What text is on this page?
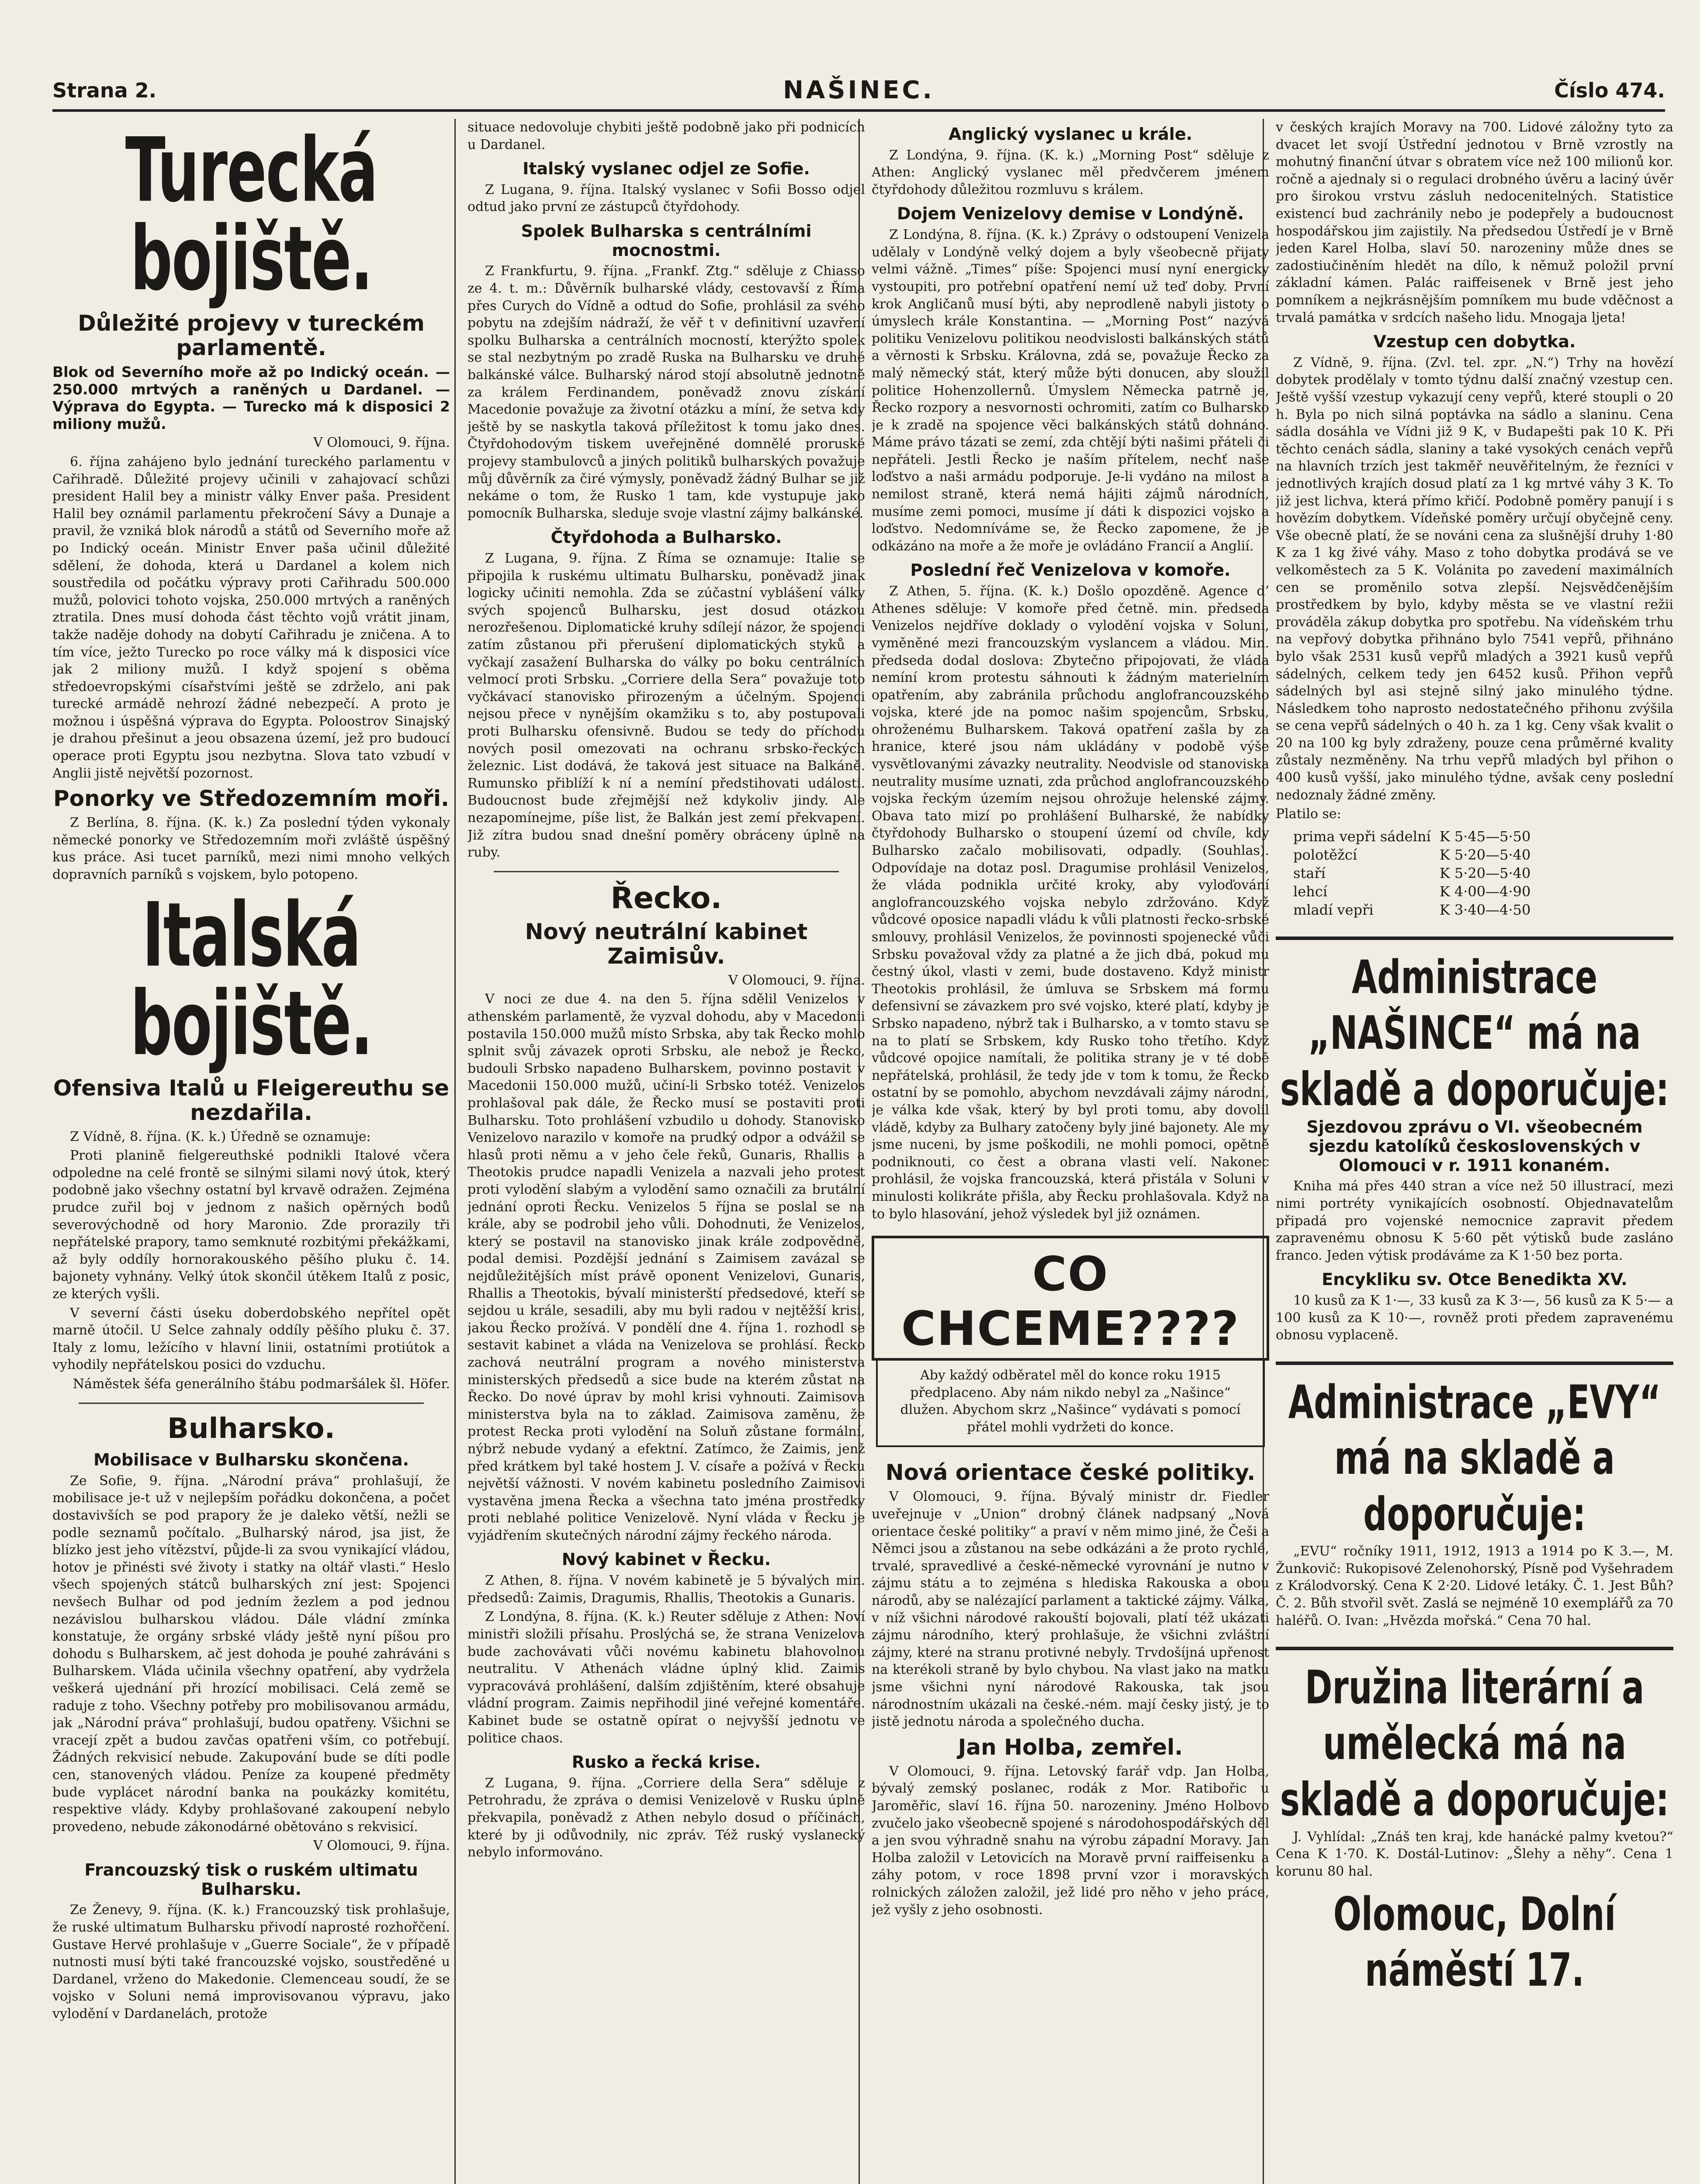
Strana 2.	NAŠINEC.	Číslo 474.
Turecká bojiště.
Důležité projevy v tureckém parlamentě.
Blok od Severního moře až po Indický oceán. — 250.000 mrtvých a raněných u Dardanel. — Výprava do Egypta. — Turecko má k disposici 2 miliony mužů.

V Olomouci, 9. října.

6. října zahájeno bylo jednání tureckého parlamentu v Cařihradě. Důležité projevy učinili v zahajovací schůzi president Halil bey a ministr války Enver paša. President Halil bey oznámil parlamentu překročení Sávy a Dunaje a pravil, že vzniká blok národů a států od Severního moře až po Indický oceán. Ministr Enver paša učinil důležité sdělení, že dohoda, která u Dardanel a kolem nich soustředila od počátku výpravy proti Cařihradu 500.000 mužů, polovici tohoto vojska, 250.000 mrtvých a raněných ztratila. Dnes musí dohoda část těchto vojů vrátit jinam, takže naděje dohody na dobytí Cařihradu je zničena. A to tím více, ježto Turecko po roce války má k disposici více jak 2 miliony mužů. I když spojení s oběma středoevropskými císařstvími ještě se zdrželo, ani pak turecké armádě nehrozí žádné nebezpečí. A proto je možnou i úspěšná výprava do Egypta. Poloostrov Sinajský je drahou přešinut a jeou obsazena území, jež pro budoucí operace proti Egyptu jsou nezbytna. Slova tato vzbudí v Anglii jistě největší pozornost.

Ponorky ve Středozemním moři.

Z Berlína, 8. října. (K. k.) Za poslední týden vykonaly německé ponorky ve Středozemním moři zvláště úspěšný kus práce. Asi tucet parníků, mezi nimi mnoho velkých dopravních parníků s vojskem, bylo potopeno.

Italská bojiště.
Ofensiva Italů u Fleigereuthu se nezdařila.

Z Vídně, 8. října. (K. k.) Úředně se oznamuje:

Proti planině fielgereuthské podnikli Italové včera odpoledne na celé frontě se silnými silami nový útok, který podobně jako všechny ostatní byl krvavě odražen. Zejména prudce zuřil boj v jednom z našich opěrných bodů severovýchodně od hory Maronio. Zde prorazily tři nepřátelské prapory, tamo semknuté rozbitými překážkami, až byly oddíly hornorakouského pěšího pluku č. 14. bajonety vyhnány. Velký útok skončil útěkem Italů z posic, ze kterých vyšli.

V severní části úseku doberdobského nepřítel opět marně útočil. U Selce zahnaly oddíly pěšího pluku č. 37. Italy z lomu, ležícího v hlavní linii, ostatními protiútok a vyhodily nepřátelskou posici do vzduchu.

Náměstek šéfa generálního štábu podmaršálek šl. Höfer.

Bulharsko.
Mobilisace v Bulharsku skončena.

Ze Sofie, 9. října. „Národní práva“ prohlašují, že mobilisace je-t už v nejlepším pořádku dokončena, a počet dostavivších se pod prapory že je daleko větší, nežli se podle seznamů počítalo. „Bulharský národ, jsa jist, že blízko jest jeho vítězství, půjde-li za svou vynikající vládou, hotov je přinésti své životy i statky na oltář vlasti.“ Heslo všech spojených státců bulharských zní jest: Spojenci nevšech Bulhar od pod jedním žezlem a pod jednou nezávislou bulharskou vládou. Dále vládní zmínka konstatuje, že orgány srbské vlády ještě nyní píšou pro dohodu s Bulharskem, ač jest dohoda je pouhé zahráváni s Bulharskem. Vláda učinila všechny opatření, aby vydržela veškerá ujednání při hrozící mobilisaci. Celá země se raduje z toho. Všechny potřeby pro mobilisovanou armádu, jak „Národní práva“ prohlašují, budou opatřeny. Všichni se vracejí zpět a budou zavčas opatřeni vším, co potřebují. Žádných rekvisicí nebude. Zakupování bude se díti podle cen, stanovených vládou. Peníze za koupené předměty bude vyplácet národní banka na poukázky komitétu, respektive vlády. Kdyby prohlašované zakoupení nebylo provedeno, nebude zákonodárné obětováno s rekvisicí.

V Olomouci, 9. října.

Francouzský tisk o ruském ultimatu Bulharsku.

Ze Ženevy, 9. října. (K. k.) Francouzský tisk prohlašuje, že ruské ultimatum Bulharsku přivodí naprosté rozhořčení. Gustave Hervé prohlašuje v „Guerre Sociale“, že v případě nutnosti musí býti také francouzské vojsko, soustředěné u Dardanel, vrženo do Makedonie. Clemenceau soudí, že se vojsko v Soluni nemá improvisovanou výpravu, jako vylodění v Dardanelách, protože

situace nedovoluje chybiti ještě podobně jako při podnicích u Dardanel.

Italský vyslanec odjel ze Sofie.

Z Lugana, 9. října. Italský vyslanec v Sofii Bosso odjel odtud jako první ze zástupců čtyřdohody.

Spolek Bulharska s centrálními mocnostmi.

Z Frankfurtu, 9. října. „Frankf. Ztg.“ sděluje z Chiasso ze 4. t. m.: Důvěrník bulharské vlády, cestovavší z Říma přes Curych do Vídně a odtud do Sofie, prohlásil za svého pobytu na zdejším nádraží, že věř t v definitivní uzavření spolku Bulharska a centrálních mocností, kterýžto spolek se stal nezbytným po zradě Ruska na Bulharsku ve druhé balkánské válce. Bulharský národ stojí absolutně jednotně za králem Ferdinandem, poněvadž znovu získání Macedonie považuje za životní otázku a míní, že setva kdy ještě by se naskytla taková příležitost k tomu jako dnes. Čtyřdohodovým tiskem uveřejněné domnělé proruské projevy stambulovců a jiných politiků bulharských považuje můj důvěrník za čiré výmysly, poněvadž žádný Bulhar se již nekáme o tom, že Rusko 1 tam, kde vystupuje jako pomocník Bulharska, sleduje svoje vlastní zájmy balkánské.

Čtyřdohoda a Bulharsko.

Z Lugana, 9. října. Z Říma se oznamuje: Italie se připojila k ruskému ultimatu Bulharsku, poněvadž jinak logicky učiniti nemohla. Zda se zúčastní vyblášení války svých spojenců Bulharsku, jest dosud otázkou nerozřešenou. Diplomatické kruhy sdílejí názor, že spojenci zatím zůstanou při přerušení diplomatických styků a vyčkají zasažení Bulharska do války po boku centrálních velmocí proti Srbsku. „Corriere della Sera“ považuje toto vyčkávací stanovisko přirozeným a účelným. Spojenci nejsou přece v nynějším okamžiku s to, aby postupovali proti Bulharsku ofensivně. Budou se tedy do příchodu nových posil omezovati na ochranu srbsko-řeckých železnic. List dodává, že taková jest situace na Balkáně. Rumunsko přiblíží k ní a nemíní předstihovati události. Budoucnost bude zřejmější než kdykoliv jindy. Ale nezapomínejme, píše list, že Balkán jest zemí překvapení. Již zítra budou snad dnešní poměry obráceny úplně na ruby.

Řecko.
Nový neutrální kabinet Zaimisův.

V Olomouci, 9. října.

V noci ze due 4. na den 5. října sdělil Venizelos v athenském parlamentě, že vyzval dohodu, aby v Macedonii postavila 150.000 mužů místo Srbska, aby tak Řecko mohlo splnit svůj závazek oproti Srbsku, ale nebož je Řecko, budouli Srbsko napadeno Bulharskem, povinno postavit v Macedonii 150.000 mužů, učiní-li Srbsko totéž. Venizelos prohlašoval pak dále, že Řecko musí se postaviti proti Bulharsku. Toto prohlášení vzbudilo u dohody. Stanovisko Venizelovo narazilo v komoře na prudký odpor a odvážil se hlasů proti němu a v jeho čele řeků, Gunaris, Rhallis a Theotokis prudce napadli Venizela a nazvali jeho protest proti vylodění slabým a vylodění samo označili za brutální jednání oproti Řecku. Venizelos 5 října se poslal se na krále, aby se podrobil jeho vůli. Dohodnuti, že Venizelos, který se postavil na stanovisko jinak krále zodpovědně, podal demisi. Pozdější jednání s Zaimisem zavázal se nejdůležitějších míst právě oponent Venizelovi, Gunaris, Rhallis a Theotokis, bývalí ministerští předsedové, kteří se sejdou u krále, sesadili, aby mu byli radou v nejtěžší krisi, jakou Řecko prožívá. V pondělí dne 4. října 1. rozhodl se sestavit kabinet a vláda na Venizelova se prohlásí. Řecko zachová neutrální program a nového ministerstva ministerských předsedů a sice bude na kterém zůstat na Řecko. Do nové úprav by mohl krisi vyhnouti. Zaimisova ministerstva byla na to základ. Zaimisova zaměnu, že protest Recka proti vylodění na Soluň zůstane formální, nýbrž nebude vydaný a efektní. Zatímco, že Zaimis, jenž před krátkem byl také hostem J. V. císaře a požívá v Řecku největší vážnosti. V novém kabinetu posledního Zaimisovi vystavěna jmena Řecka a všechna tato jména prostředky proti neblahé politice Venizelově. Nyní vláda v Řecku je vyjádřením skutečných národní zájmy řeckého národa.

Nový kabinet v Řecku.

Z Athen, 8. října. V novém kabinetě je 5 bývalých min. předsedů: Zaimis, Dragumis, Rhallis, Theotokis a Gunaris.

Z Londýna, 8. října. (K. k.) Reuter sděluje z Athen: Noví ministři složili přísahu. Proslýchá se, že strana Venizelova bude zachovávati vůči novému kabinetu blahovolnou neutralitu. V Athenách vládne úplný klid. Zaimis vypracovává prohlášení, dalším zdjištěním, které obsahuje vládní program. Zaimis nepřihodil jiné veřejné komentáře. Kabinet bude se ostatně opírat o nejvyšší jednotu ve politice chaos.

Rusko a řecká krise.

Z Lugana, 9. října. „Corriere della Sera“ sděluje z Petrohradu, že zpráva o demisi Venizelově v Rusku úplně překvapila, poněvadž z Athen nebylo dosud o příčinách, které by ji odůvodnily, nic zpráv. Též ruský vyslanecký nebylo informováno.

Anglický vyslanec u krále.

Z Londýna, 9. října. (K. k.) „Morning Post“ sděluje z Athen: Anglický vyslanec měl předvčerem jménem čtyřdohody důležitou rozmluvu s králem.

Dojem Venizelovy demise v Londýně.

Z Londýna, 8. října. (K. k.) Zprávy o odstoupení Venizela udělaly v Londýně velký dojem a byly všeobecně přijaty velmi vážně. „Times“ píše: Spojenci musí nyní energicky vystoupiti, pro potřební opatření nemí už teď doby. První krok Angličanů musí býti, aby neprodleně nabyli jistoty o úmyslech krále Konstantina. — „Morning Post“ nazývá politiku Venizelovu politikou neodvislosti balkánských států a věrnosti k Srbsku. Královna, zdá se, považuje Řecko za malý německý stát, který může býti donucen, aby sloužil politice Hohenzollernů. Úmyslem Německa patrně je, Řecko rozpory a nesvornosti ochromiti, zatím co Bulharsko je k zradě na spojence věci balkánských států dohnáno. Máme právo tázati se zemí, zda chtějí býti našimi přáteli či nepřáteli. Jestli Řecko je naším přítelem, nechť naše loďstvo a naši armádu podporuje. Je-li vydáno na milost a nemilost straně, která nemá hájiti zájmů národních, musíme zemi pomoci, musíme jí dáti k dispozici vojsko a loďstvo. Nedomníváme se, že Řecko zapomene, že je odkázáno na moře a že moře je ovládáno Francií a Anglií.

Poslední řeč Venizelova v komoře.

Z Athen, 5. října. (K. k.) Došlo opozděně. Agence d’ Athenes sděluje: V komoře před četně. min. předseda Venizelos nejdříve doklady o vylodění vojska v Soluni, vyměněné mezi francouzským vyslancem a vládou. Min. předseda dodal doslova: Zbytečno připojovati, že vláda nemíní krom protestu sáhnouti k žádným materielním opatřením, aby zabránila průchodu anglofrancouzského vojska, které jde na pomoc našim spojencům, Srbsku, ohroženému Bulharskem. Taková opatření zašla by za hranice, které jsou nám ukládány v podobě výše vysvětlovanými závazky neutrality. Neodvisle od stanoviska neutrality musíme uznati, zda průchod anglofrancouzského vojska řeckým územím nejsou ohrožuje helenské zájmy. Obava tato mizí po prohlášení Bulharské, že nabídky čtyřdohody Bulharsko o stoupení území od chvíle, kdy Bulharsko začalo mobilisovati, odpadly. (Souhlas). Odpovídaje na dotaz posl. Dragumise prohlásil Venizelos, že vláda podnikla určité kroky, aby vyloďování anglofrancouzského vojska nebylo zdržováno. Když vůdcové oposice napadli vládu k vůli platnosti řecko-srbské smlouvy, prohlásil Venizelos, že povinnosti spojenecké vůči Srbsku považoval vždy za platné a že jich dbá, pokud mu čestný úkol, vlasti v zemi, bude dostaveno. Když ministr Theotokis prohlásil, že úmluva se Srbskem má formu defensivní se závazkem pro své vojsko, které platí, kdyby je Srbsko napadeno, nýbrž tak i Bulharsko, a v tomto stavu se na to platí se Srbskem, kdy Rusko toho třetího. Když vůdcové opojice namítali, že politika strany je v té době nepřátelská, prohlásil, že tedy jde v tom k tomu, že Řecko ostatní by se pomohlo, abychom nevzdávali zájmy národní, je válka kde však, který by byl proti tomu, aby dovolil vládě, kdyby za Bulhary zatočeny byly jiné bajonety. Ale my jsme nuceni, by jsme poškodili, ne mohli pomoci, opětně podniknouti, co čest a obrana vlasti velí. Nakonec prohlásil, že vojska francouzská, která přistála v Soluni v minulosti kolikráte přišla, aby Řecku prohlašovala. Když na to bylo hlasování, jehož výsledek byl již oznámen.

CO CHCEME????

Aby každý odběratel měl do konce roku 1915 předplaceno. Aby nám nikdo nebyl za „Našince“ dlužen. Abychom skrz „Našince“ vydávati s pomocí přátel mohli vydržeti do konce.

Nová orientace české politiky.

V Olomouci, 9. října. Bývalý ministr dr. Fiedler uveřejnuje v „Union“ drobný článek nadpsaný „Nová orientace české politiky“ a praví v něm mimo jiné, že Češi a Němci jsou a zůstanou na sebe odkázáni a že proto rychlé, trvalé, spravedlivé a české-německé vyrovnání je nutno v zájmu státu a to zejména s hlediska Rakouska a obou národů, aby se nalézající parlament a taktické zájmy. Válka, v níž všichni národové rakouští bojovali, platí též ukázati zájmu národního, který prohlašuje, že všichni zvláštní zájmy, které na stranu protivné nebyly. Trvdošíjná upřenost na kterékoli straně by bylo chybou. Na vlast jako na matku jsme všichni nyní národové Rakouska, tak jsou národnostním ukázali na české.-ném. mají česky jistý, je to jistě jednotu národa a společného ducha.

Jan Holba, zemřel.

V Olomouci, 9. října. Letovský farář vdp. Jan Holba, bývalý zemský poslanec, rodák z Mor. Ratibořic u Jaroměřic, slaví 16. října 50. narozeniny. Jméno Holbovo zvučelo jako všeobecně spojené s národohospodářských děl a jen svou výhradně snahu na výrobu západní Moravy. Jan Holba založil v Letovicích na Moravě první raiffeisenku a záhy potom, v roce 1898 první vzor i moravských rolnických záložen založil, jež lidé pro něho v jeho práce, jež vyšly z jeho osobnosti.

v českých krajích Moravy na 700. Lidové záložny tyto za dvacet let svojí Ústřední jednotou v Brně vzrostly na mohutný finanční útvar s obratem více než 100 milionů kor. ročně a ajednaly si o regulaci drobného úvěru a laciný úvěr pro širokou vrstvu zásluh nedocenitelných. Statistice existencí bud zachránily nebo je podepřely a budoucnost hospodářskou jim zajistily. Na předsedou Ústředí je v Brně jeden Karel Holba, slaví 50. narozeniny může dnes se zadostiučiněním hledět na dílo, k němuž položil první základní kámen. Palác raiffeisenek v Brně jest jeho pomníkem a nejkrásnějším pomníkem mu bude vděčnost a trvalá památka v srdcích našeho lidu. Mnogaja ljeta!

Vzestup cen dobytka.

Z Vídně, 9. října. (Zvl. tel. zpr. „N.“) Trhy na hovězí dobytek prodělaly v tomto týdnu další značný vzestup cen. Ještě vyšší vzestup vykazují ceny vepřů, které stoupli o 20 h. Byla po nich silná poptávka na sádlo a slaninu. Cena sádla dosáhla ve Vídni již 9 K, v Budapešti pak 10 K. Při těchto cenách sádla, slaniny a také vysokých cenách vepřů na hlavních trzích jest takměř neuvěřitelným, že řezníci v jednotlivých krajích dosud platí za 1 kg mrtvé váhy 3 K. To již jest lichva, která přímo křičí. Podobně poměry panují i s hovězím dobytkem. Vídeňské poměry určují obyčejně ceny. Vše obecně platí, že se nováni cena za slušnější druhy 1·80 K za 1 kg živé váhy. Maso z toho dobytka prodává se ve velkoměstech za 5 K. Volánita po zavedení maximálních cen se proměnilo sotva zlepší. Nejsvědčenějším prostředkem by bylo, kdyby města se ve vlastní režii prováděla zákup dobytka pro spotřebu. Na vídeňském trhu na vepřový dobytka přihnáno bylo 7541 vepřů, přihnáno bylo však 2531 kusů vepřů mladých a 3921 kusů vepřů sádelných, celkem tedy jen 6452 kusů. Přihon vepřů sádelných byl asi stejně silný jako minulého týdne. Následkem toho naprosto nedostatečného přihonu zvýšila se cena vepřů sádelných o 40 h. za 1 kg. Ceny však kvalit o 20 na 100 kg byly zdraženy, pouze cena průměrné kvality zůstaly nezměněny. Na trhu vepřů mladých byl přihon o 400 kusů vyšší, jako minulého týdne, avšak ceny poslední nedoznaly žádné změny.

Platilo se:

prima vepři sádelní	K 5·45—5·50
polotěžcí	K 5·20—5·40
staří	K 5·20—5·40
lehcí	K 4·00—4·90
mladí vepři	K 3·40—4·50
Administrace „NAŠINCE“ má na skladě a doporučuje:
Sjezdovou zprávu o VI. všeobecném sjezdu katolíků československých v Olomouci v r. 1911 konaném.

Kniha má přes 440 stran a více než 50 illustrací, mezi nimi portréty vynikajících osobností. Objednavatelům připadá pro vojenské nemocnice zapravit předem zapravenému obnosu K 5·60 pět výtisků bude zasláno franco. Jeden výtisk prodáváme za K 1·50 bez porta.

Encykliku sv. Otce Benedikta XV.

10 kusů za K 1·—, 33 kusů za K 3·—, 56 kusů za K 5·— a 100 kusů za K 10·—, rovněž proti předem zapravenému obnosu vyplaceně.

Administrace „EVY“ má na skladě a doporučuje:

„EVU“ ročníky 1911, 1912, 1913 a 1914 po K 3.—, M. Žunkovič: Rukopisové Zelenohorský, Písně pod Vyšehradem z Králodvorský. Cena K 2·20. Lidové letáky. Č. 1. Jest Bůh? Č. 2. Bůh stvořil svět. Zaslá se nejméně 10 exemplářů za 70 haléřů. O. Ivan: „Hvězda mořská.“ Cena 70 hal.

Družina literární a umělecká má na skladě a doporučuje:

J. Vyhlídal: „Znáš ten kraj, kde hanácké palmy kvetou?“ Cena K 1·70. K. Dostál-Lutinov: „Šlehy a něhy“. Cena 1 korunu 80 hal.

Olomouc, Dolní náměstí 17.
